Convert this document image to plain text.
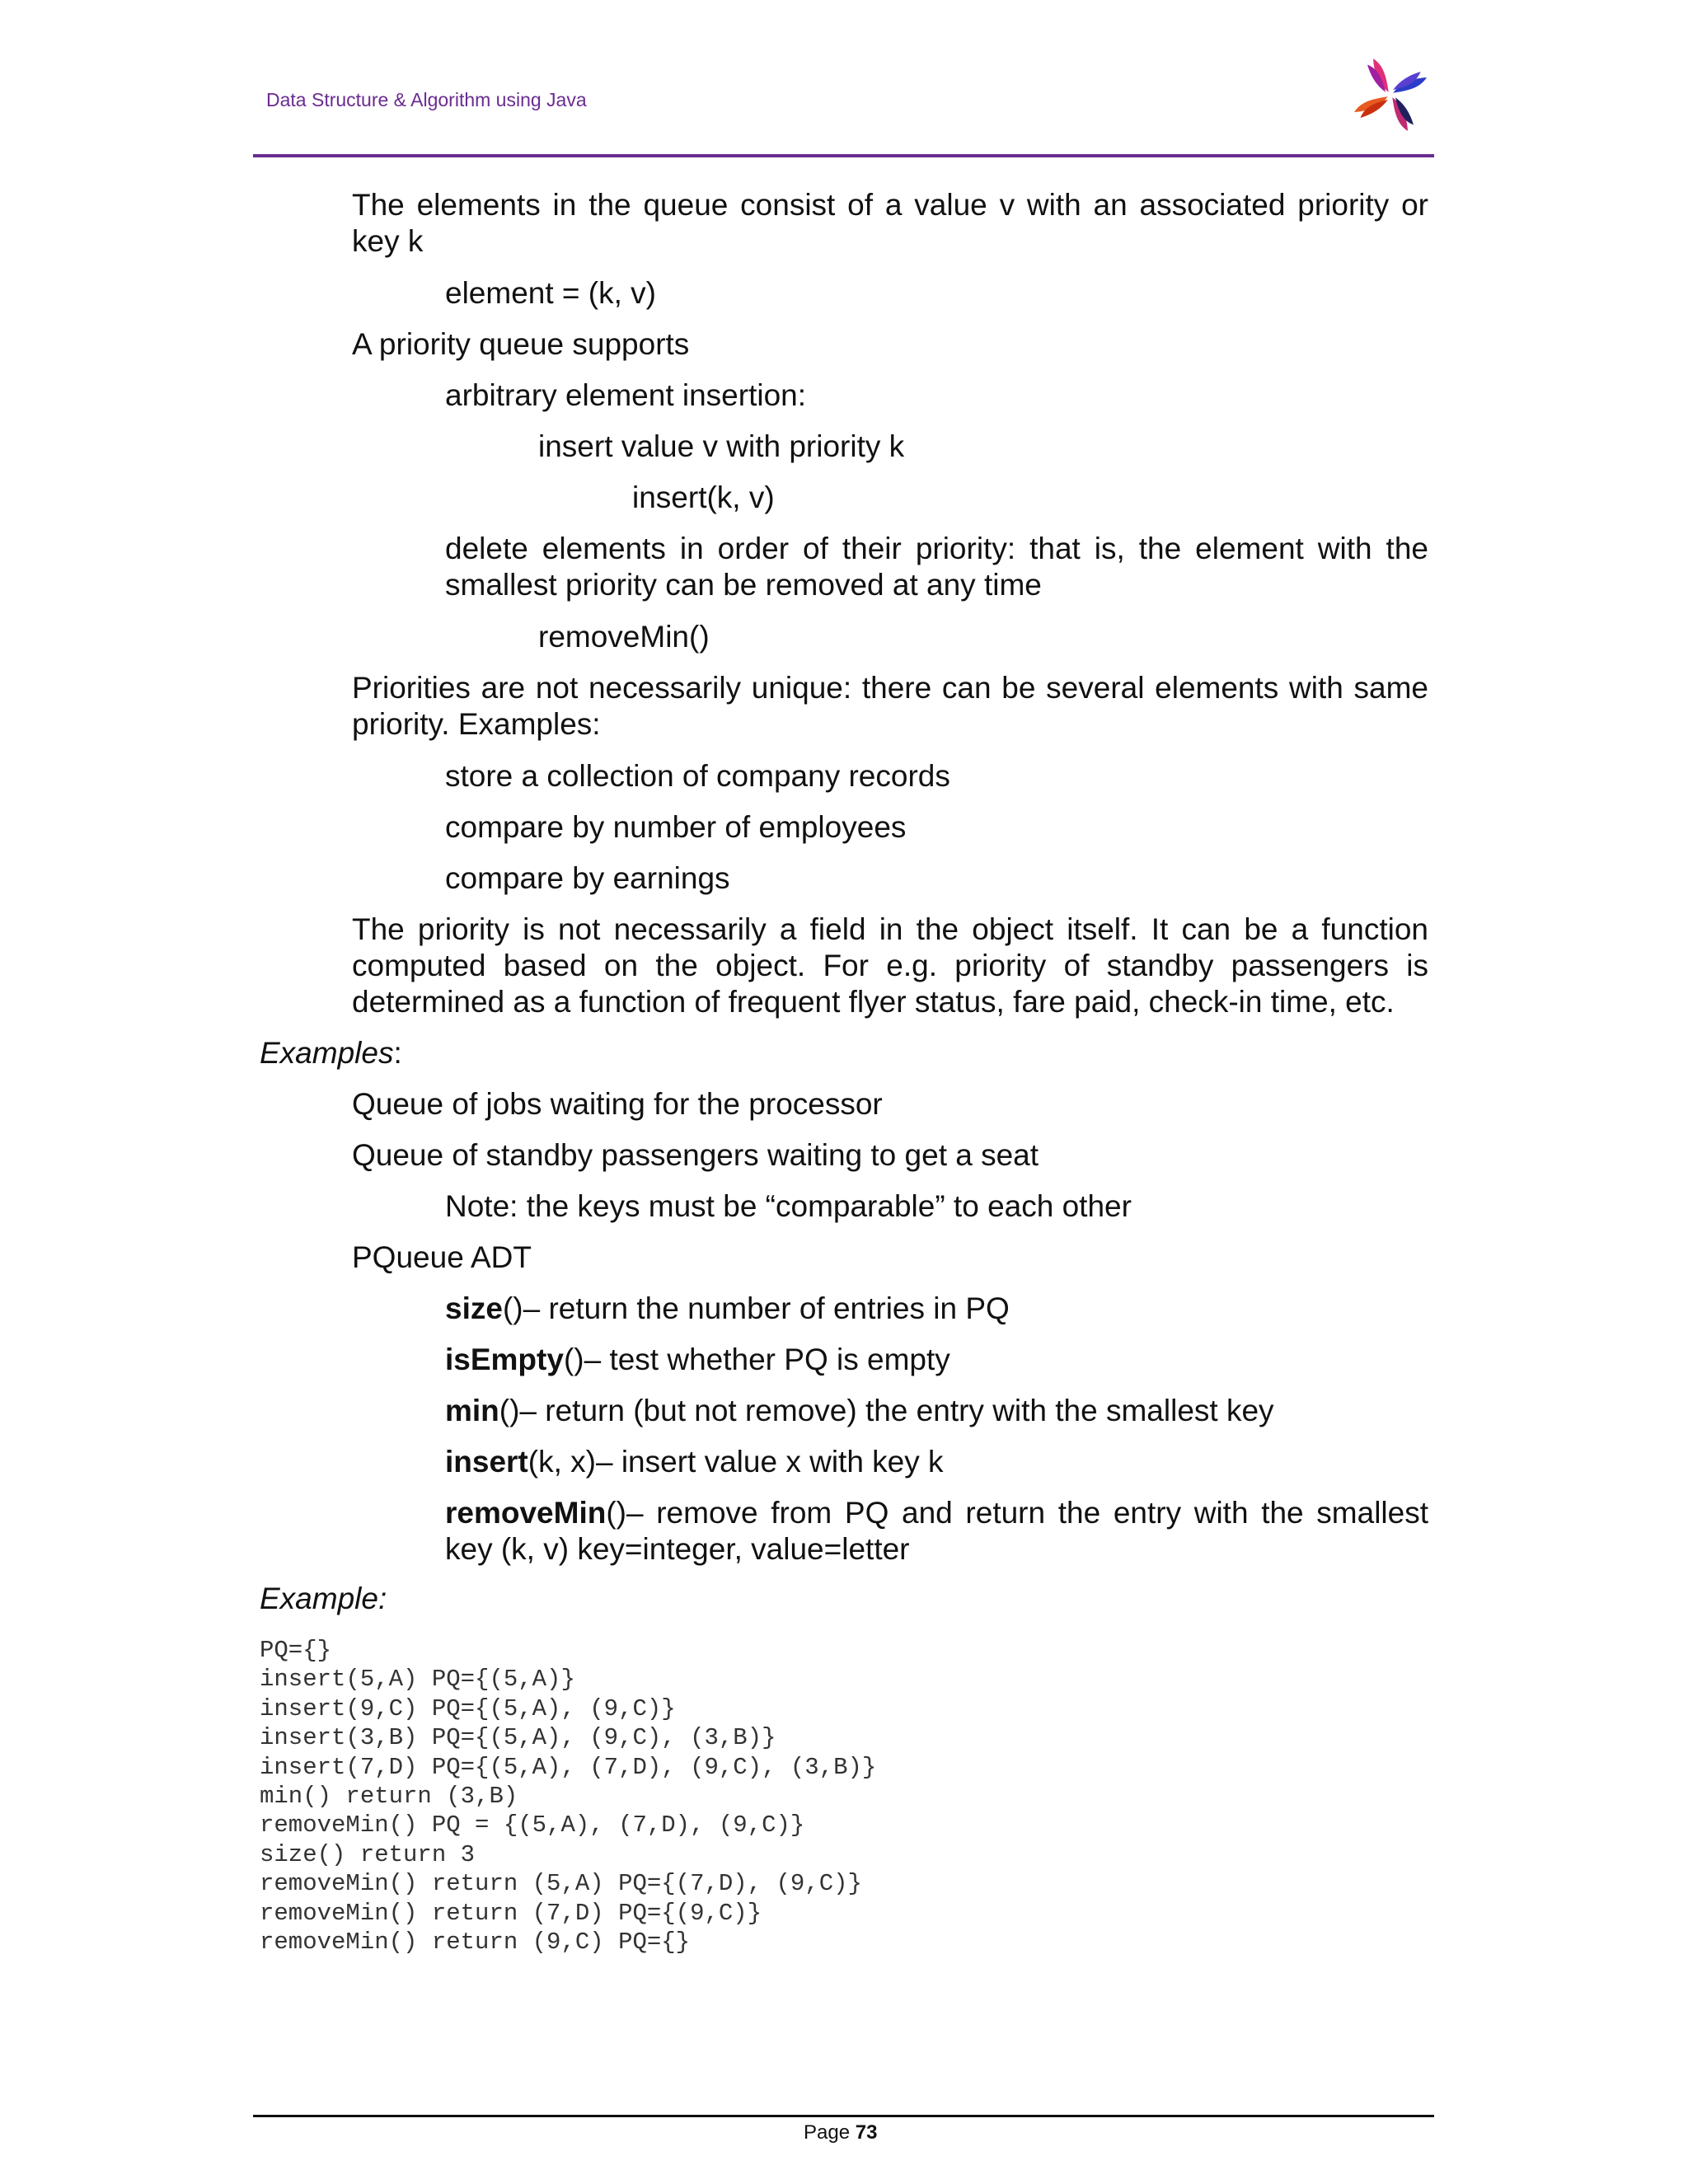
Data Structure & Algorithm using Java
The elements in the queue consist of a value v with an associated priority or key k
element = (k, v)
A priority queue supports
arbitrary element insertion:
insert value v with priority k
insert(k, v)
delete elements in order of their priority: that is, the element with the smallest priority can be removed at any time
removeMin()
Priorities are not necessarily unique: there can be several elements with same priority. Examples:
store a collection of company records
compare by number of employees
compare by earnings
The priority is not necessarily a field in the object itself. It can be a function computed based on the object. For e.g. priority of standby passengers is determined as a function of frequent flyer status, fare paid, check-in time, etc.
Examples:
Queue of jobs waiting for the processor
Queue of standby passengers waiting to get a seat
Note: the keys must be “comparable” to each other
PQueue ADT
size()– return the number of entries in PQ
isEmpty()– test whether PQ is empty
min()– return (but not remove) the entry with the smallest key
insert(k, x)– insert value x with key k
removeMin()– remove from PQ and return the entry with the smallest key (k, v) key=integer, value=letter
Example:
PQ={}
insert(5,A) PQ={(5,A)}
insert(9,C) PQ={(5,A), (9,C)}
insert(3,B) PQ={(5,A), (9,C), (3,B)}
insert(7,D) PQ={(5,A), (7,D), (9,C), (3,B)}
min() return (3,B)
removeMin() PQ = {(5,A), (7,D), (9,C)}
size() return 3
removeMin() return (5,A) PQ={(7,D), (9,C)}
removeMin() return (7,D) PQ={(9,C)}
removeMin() return (9,C) PQ={}
Page 73
